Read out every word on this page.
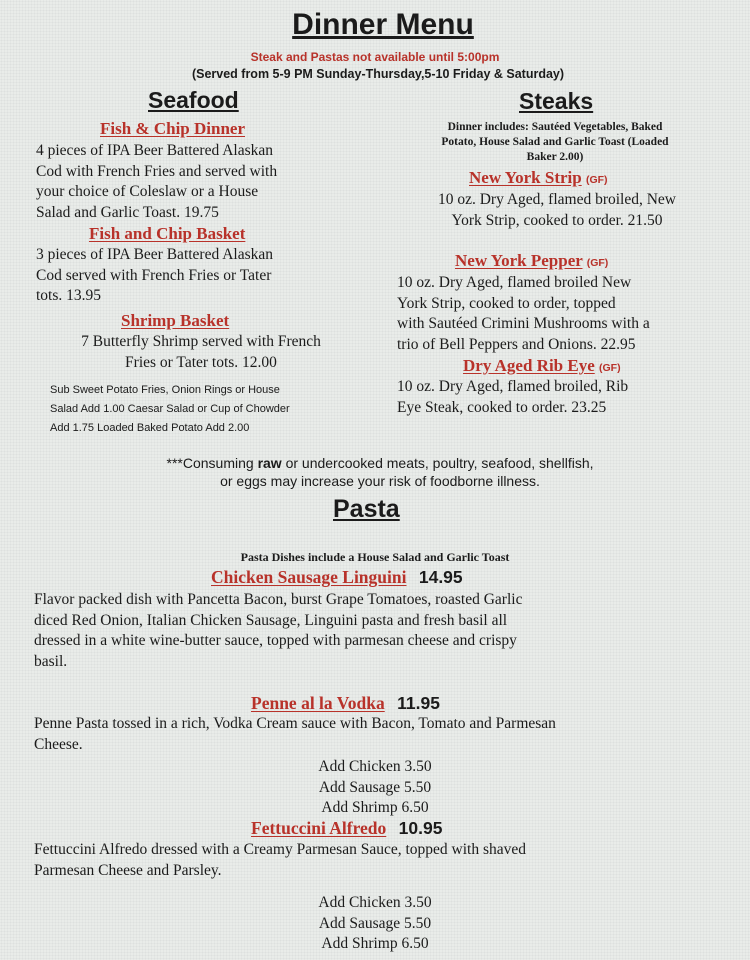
Dinner Menu
Steak and Pastas not available until 5:00pm
(Served from 5-9 PM Sunday-Thursday,5-10 Friday & Saturday)
Seafood
Fish & Chip Dinner
4 pieces of IPA Beer Battered Alaskan
Cod with French Fries and served with
your choice of Coleslaw or a House
Salad and Garlic Toast. 19.75
Fish and Chip Basket
3 pieces of IPA Beer Battered Alaskan
Cod served with French Fries or Tater
tots. 13.95
Shrimp Basket
7 Butterfly Shrimp served with French
Fries or Tater tots. 12.00
Sub Sweet Potato Fries, Onion Rings or House
Salad Add 1.00 Caesar Salad or Cup of Chowder
Add 1.75 Loaded Baked Potato Add 2.00
Steaks
Dinner includes: Sautéed Vegetables, Baked
Potato, House Salad and Garlic Toast (Loaded
Baker 2.00)
New York Strip (GF)
10 oz. Dry Aged, flamed broiled, New
York Strip, cooked to order. 21.50
New York Pepper (GF)
10 oz. Dry Aged, flamed broiled New
York Strip, cooked to order, topped
with Sautéed Crimini Mushrooms with a
trio of Bell Peppers and Onions. 22.95
Dry Aged Rib Eye (GF)
10 oz. Dry Aged, flamed broiled, Rib
Eye Steak, cooked to order. 23.25
***Consuming raw or undercooked meats, poultry, seafood, shellfish,
or eggs may increase your risk of foodborne illness.
Pasta
Pasta Dishes include a House Salad and Garlic Toast
Chicken Sausage Linguini 14.95
Flavor packed dish with Pancetta Bacon, burst Grape Tomatoes, roasted Garlic
diced Red Onion, Italian Chicken Sausage, Linguini pasta and fresh basil all
dressed in a white wine-butter sauce, topped with parmesan cheese and crispy
basil.
Penne al la Vodka 11.95
Penne Pasta tossed in a rich, Vodka Cream sauce with Bacon, Tomato and Parmesan
Cheese.
Add Chicken 3.50
Add Sausage 5.50
Add Shrimp 6.50
Fettuccini Alfredo 10.95
Fettuccini Alfredo dressed with a Creamy Parmesan Sauce, topped with shaved
Parmesan Cheese and Parsley.
Add Chicken 3.50
Add Sausage 5.50
Add Shrimp 6.50
